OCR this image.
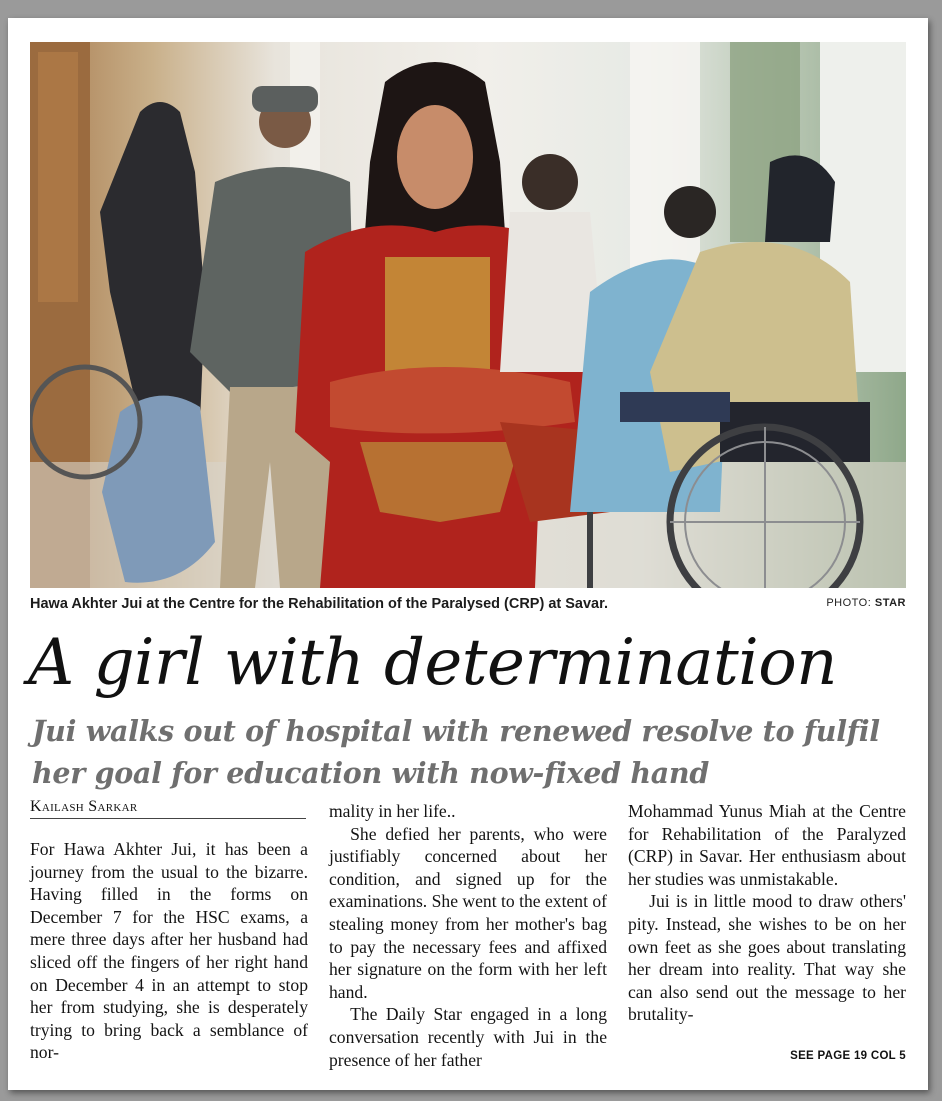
Hawa Akhter Jui at the Centre for the Rehabilitation of the Paralysed (CRP) at Savar.	PHOTO: STAR
A girl with determination
Jui walks out of hospital with renewed resolve to fulfil her goal for education with now-fixed hand
Kailash Sarkar

For Hawa Akhter Jui, it has been a journey from the usual to the bizarre. Having filled in the forms on December 7 for the HSC exams, a mere three days after her husband had sliced off the fingers of her right hand on December 4 in an attempt to stop her from studying, she is desperately trying to bring back a semblance of nor-

mality in her life..

She defied her parents, who were justifiably concerned about her condition, and signed up for the examinations. She went to the extent of stealing money from her mother's bag to pay the necessary fees and affixed her signature on the form with her left hand.

The Daily Star engaged in a long conversation recently with Jui in the presence of her father

Mohammad Yunus Miah at the Centre for Rehabilitation of the Paralyzed (CRP) in Savar. Her enthusiasm about her studies was unmistakable.

Jui is in little mood to draw others' pity. Instead, she wishes to be on her own feet as she goes about translating her dream into reality. That way she can also send out the message to her brutality-

SEE PAGE 19 COL 5
